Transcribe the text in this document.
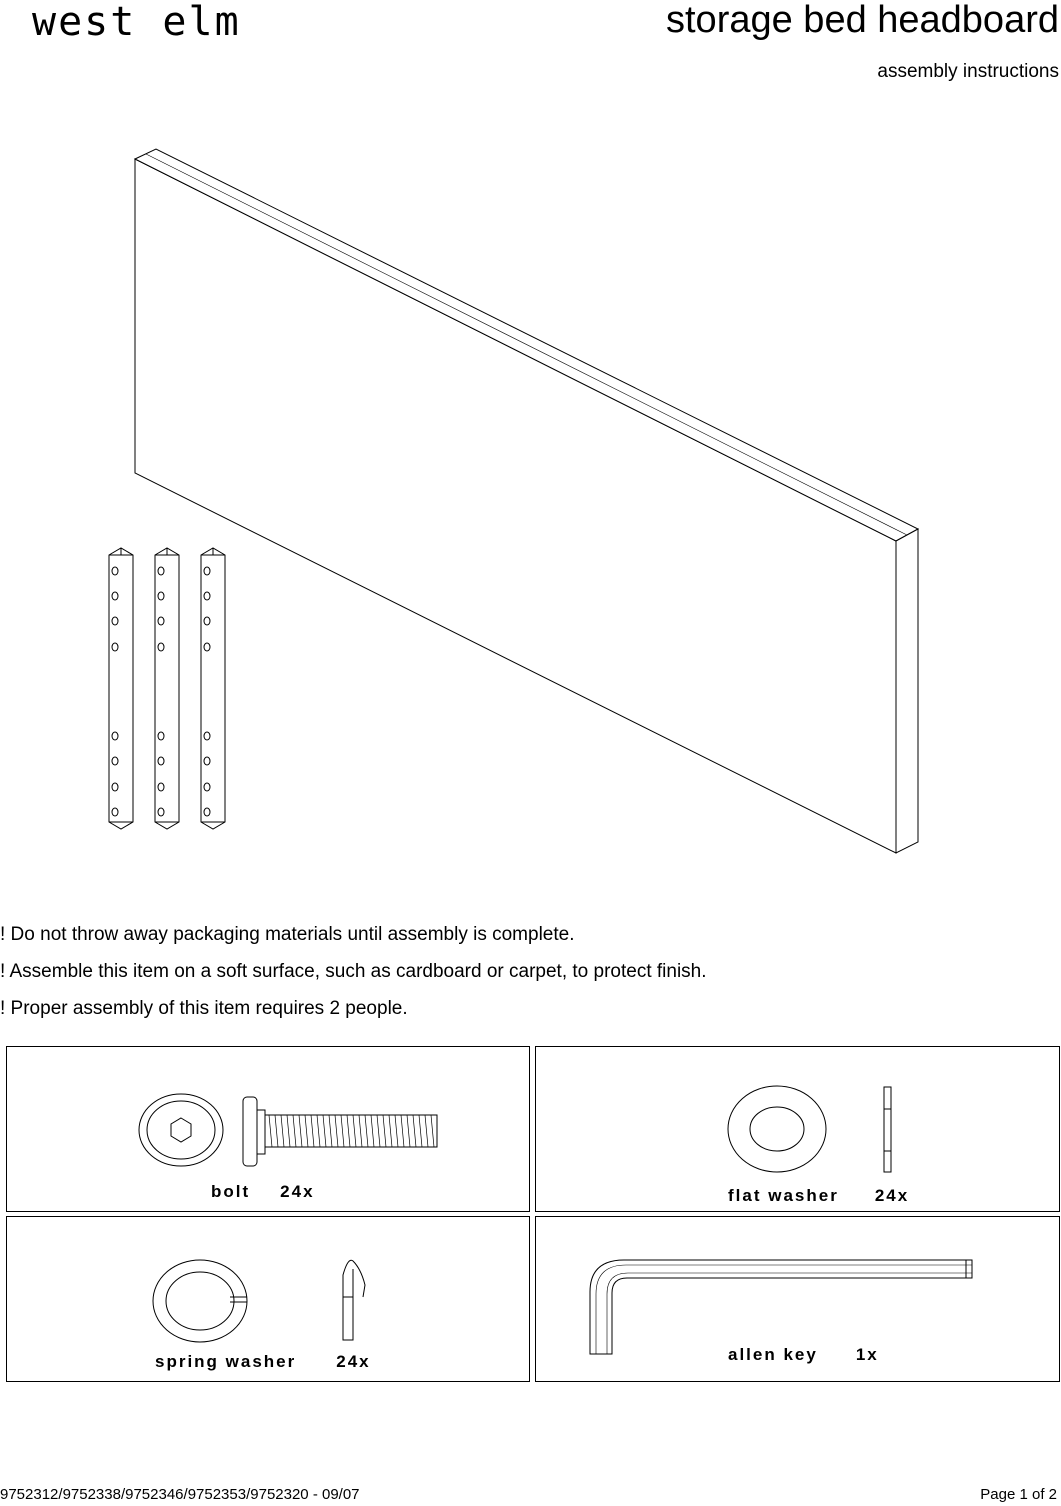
west elm	storage bed headboard
assembly instructions
! Do not throw away packaging materials until assembly is complete.
! Assemble this item on a soft surface, such as cardboard or carpet, to protect finish.
! Proper assembly of this item requires 2 people.
bolt 24x	flat washer 24x
spring washer 24x	allen key 1x
9752312/9752338/9752346/9752353/9752320 - 09/07	Page 1 of 2
